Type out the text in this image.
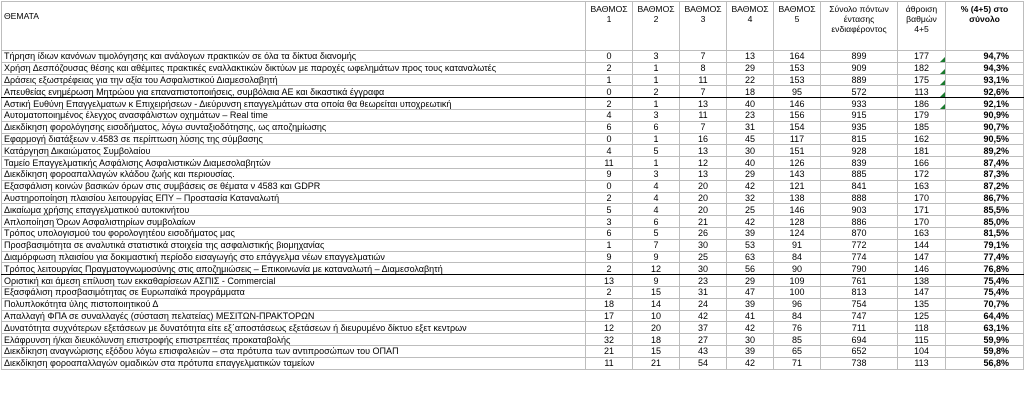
ΘΕΜΑΤΑ	ΒΑΘΜΟΣ 1	ΒΑΘΜΟΣ 2	ΒΑΘΜΟΣ 3	ΒΑΘΜΟΣ 4	ΒΑΘΜΟΣ 5	Σύνολο πόντων έντασης ενδιαφέροντος	άθροιση βαθμών 4+5	% (4+5) στο σύνολο
Τήρηση ίδιων κανόνων τιμολόγησης και ανάλογων πρακτικών σε όλα τα δίκτυα διανομής	0	3	7	13	164	899	177	94,7%
Χρήση Δεσπόζουσας θέσης και αθέμιτες πρακτικές εναλλακτικών δικτύων με παροχές ωφελημάτων προς τους καταναλωτές	2	1	8	29	153	909	182	94,3%
Δράσεις εξωστρέφειας για την αξία του Ασφαλιστικού Διαμεσολαβητή	1	1	11	22	153	889	175	93,1%
Απευθείας ενημέρωση Μητρώου για επαναπιστοποιήσεις, συμβόλαια ΑΕ και δικαστικά έγγραφα	0	2	7	18	95	572	113	92,6%
Αστική Ευθύνη Επαγγελματων κ Επιχειρήσεων - Διεύρυνση επαγγελμάτων στα οποία θα θεωρείται υποχρεωτική	2	1	13	40	146	933	186	92,1%
Αυτοματοποιημένος έλεγχος ανασφάλιστων οχημάτων – Real time	4	3	11	23	156	915	179	90,9%
Διεκδίκηση φορολόγησης εισοδήματος, λόγω συνταξιοδότησης, ως αποζημίωσης	6	6	7	31	154	935	185	90,7%
Εφαρμογή διατάξεων ν.4583 σε περίπτωση λύσης της σύμβασης	0	1	16	45	117	815	162	90,5%
Κατάργηση Δικαιώματος Συμβολαίου	4	5	13	30	151	928	181	89,2%
Ταμείο Επαγγελματικής Ασφάλισης Ασφαλιστικών Διαμεσολαβητών	11	1	12	40	126	839	166	87,4%
Διεκδίκηση φοροαπαλλαγών κλάδου ζωής και περιουσίας.	9	3	13	29	143	885	172	87,3%
Εξασφάλιση κοινών βασικών όρων στις συμβάσεις σε θέματα ν 4583 και GDPR	0	4	20	42	121	841	163	87,2%
Αυστηροποίηση πλαισίου λειτουργίας ΕΠΥ – Προστασία Καταναλωτή	2	4	20	32	138	888	170	86,7%
Δικαίωμα χρήσης επαγγελματικού αυτοκινήτου	5	4	20	25	146	903	171	85,5%
Απλοποίηση Όρων Ασφαλιστηρίων συμβολαίων	3	6	21	42	128	886	170	85,0%
Τρόπος υπολογισμού του φορολογητέου εισοδήματος μας	6	5	26	39	124	870	163	81,5%
Προσβασιμότητα σε αναλυτικά στατιστικά στοιχεία της ασφαλιστικής βιομηχανίας	1	7	30	53	91	772	144	79,1%
Διαμόρφωση πλαισίου για δοκιμαστική περίοδο εισαγωγής στο επάγγελμα νέων επαγγελματιών	9	9	25	63	84	774	147	77,4%
Τρόπος λειτουργίας Πραγματογνωμοσύνης στις αποζημιώσεις – Επικοινωνία με καταναλωτή – Διαμεσολαβητή	2	12	30	56	90	790	146	76,8%
Οριστική και άμεση επίλυση των εκκαθαρίσεων ΑΣΠΙΣ - Commercial	13	9	23	29	109	761	138	75,4%
Εξασφάλιση προσβασιμότητας σε Ευρωπαϊκά προγράμματα	2	15	31	47	100	813	147	75,4%
Πολυπλοκότητα ύλης πιστοποιητικού Δ	18	14	24	39	96	754	135	70,7%
Απαλλαγή ΦΠΑ σε συναλλαγές (σύσταση πελατείας) ΜΕΣΙΤΩΝ-ΠΡΑΚΤΟΡΩΝ	17	10	42	41	84	747	125	64,4%
Δυνατότητα συχνότερων εξετάσεων με δυνατότητα είτε εξ΄αποστάσεως εξετάσεων ή διευρυμένο δίκτυο εξετ κεντρων	12	20	37	42	76	711	118	63,1%
Ελάφρυνση ή/και διευκόλυνση επιστροφής επιστρεπτέας προκαταβολής	32	18	27	30	85	694	115	59,9%
Διεκδίκηση αναγνώρισης εξόδου λόγω επισφαλειών – στα πρότυπα των αντιπροσώπων του ΟΠΑΠ	21	15	43	39	65	652	104	59,8%
Διεκδίκηση φοροαπαλλαγών ομαδικών στα πρότυπα επαγγελματικών ταμείων	11	21	54	42	71	738	113	56,8%
